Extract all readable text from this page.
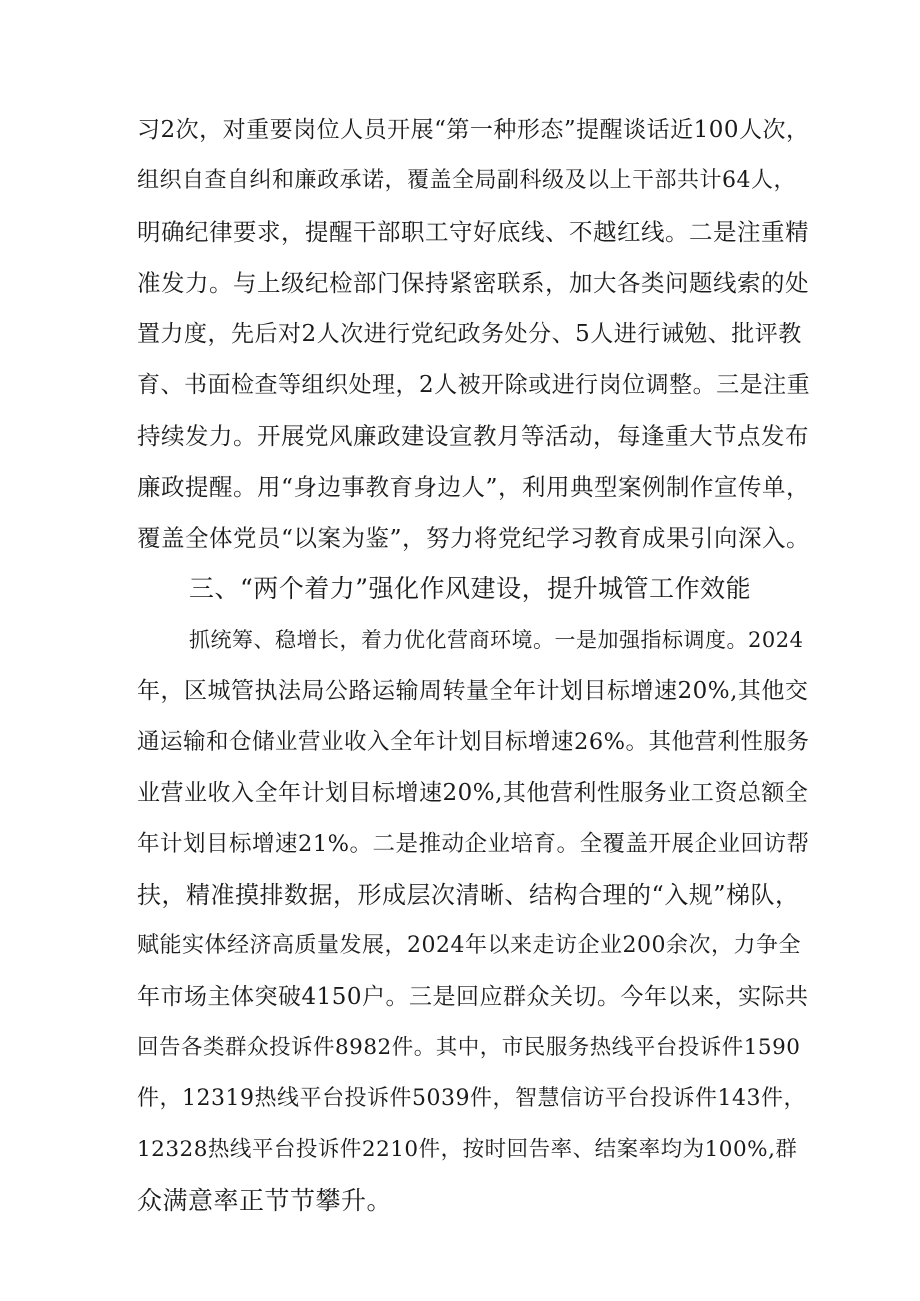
习2次，对重要岗位人员开展“第一种形态”提醒谈话近100人次，
组织自查自纠和廉政承诺，覆盖全局副科级及以上干部共计64人，
明确纪律要求，提醒干部职工守好底线、不越红线。二是注重精
准发力。与上级纪检部门保持紧密联系，加大各类问题线索的处
置力度，先后对2人次进行党纪政务处分、5人进行诫勉、批评教
育、书面检查等组织处理，2人被开除或进行岗位调整。三是注重
持续发力。开展党风廉政建设宣教月等活动，每逢重大节点发布
廉政提醒。用“身边事教育身边人”，利用典型案例制作宣传单，
覆盖全体党员“以案为鉴”，努力将党纪学习教育成果引向深入。
三、“两个着力”强化作风建设，提升城管工作效能
抓统筹、稳增长，着力优化营商环境。一是加强指标调度。2024
年，区城管执法局公路运输周转量全年计划目标增速20%,其他交
通运输和仓储业营业收入全年计划目标增速26%。其他营利性服务
业营业收入全年计划目标增速20%,其他营利性服务业工资总额全
年计划目标增速21%。二是推动企业培育。全覆盖开展企业回访帮
扶，精准摸排数据，形成层次清晰、结构合理的“入规”梯队，
赋能实体经济高质量发展，2024年以来走访企业200余次，力争全
年市场主体突破4150户。三是回应群众关切。今年以来，实际共
回告各类群众投诉件8982件。其中，市民服务热线平台投诉件1590
件，12319热线平台投诉件5039件，智慧信访平台投诉件143件，
12328热线平台投诉件2210件，按时回告率、结案率均为100%,群
众满意率正节节攀升。
